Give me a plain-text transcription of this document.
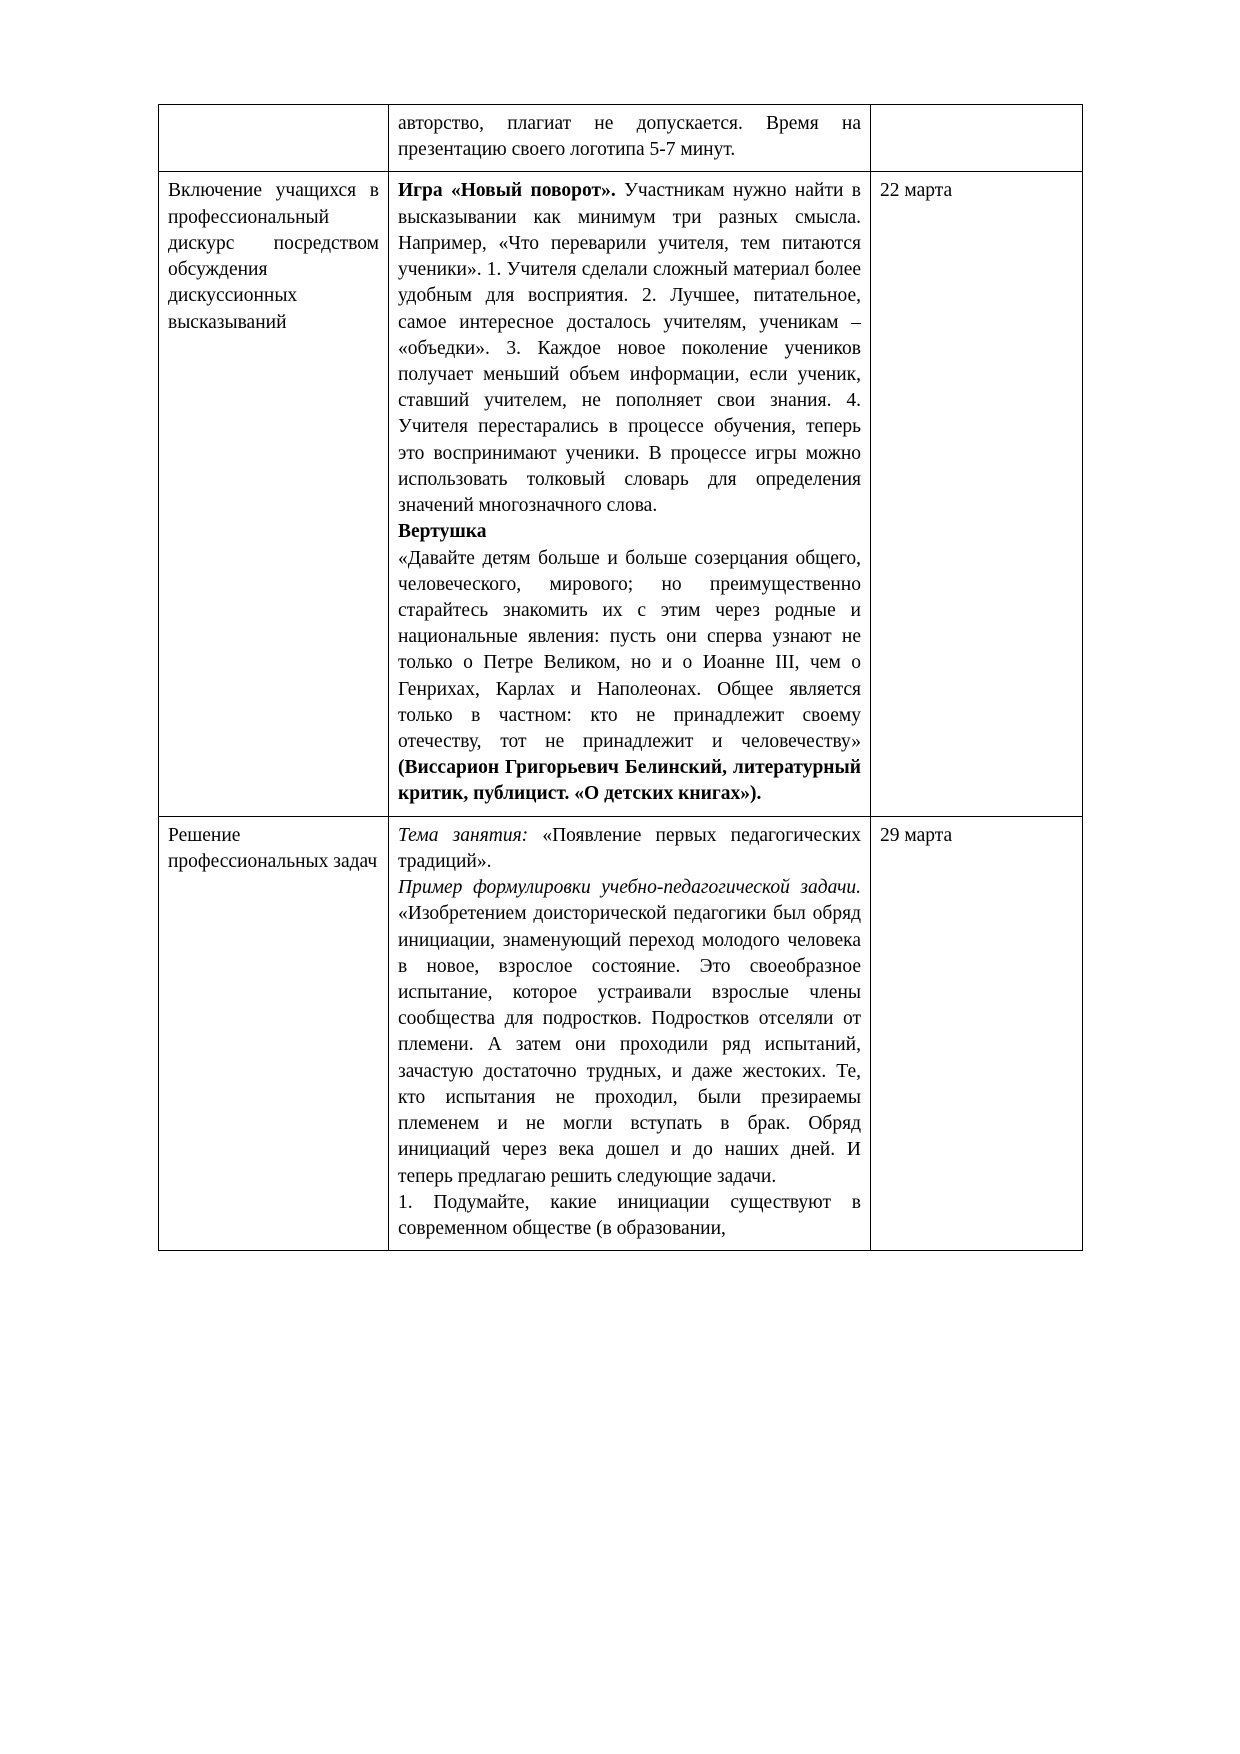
	авторство, плагиат не допускается. Время на презентацию своего логотипа 5-7 минут.	

Включение учащихся в профессиональный дискурс посредством обсуждения дискуссионных высказываний	Игра «Новый поворот». Участникам нужно найти в высказывании как минимум три разных смысла. Например, «Что переварили учителя, тем питаются ученики». 1. Учителя сделали сложный материал более удобным для восприятия. 2. Лучшее, питательное, самое интересное досталось учителям, ученикам – «объедки». 3. Каждое новое поколение учеников получает меньший объем информации, если ученик, ставший учителем, не пополняет свои знания. 4. Учителя перестарались в процессе обучения, теперь это воспринимают ученики. В процессе игры можно использовать толковый словарь для определения значений многозначного слова.

Вертушка

«Давайте детям больше и больше созерцания общего, человеческого, мирового; но преимущественно старайтесь знакомить их с этим через родные и национальные явления: пусть они сперва узнают не только о Петре Великом, но и о Иоанне III, чем о Генрихах, Карлах и Наполеонах. Общее является только в частном: кто не принадлежит своему отечеству, тот не принадлежит и человечеству» (Виссарион Григорьевич Белинский, литературный критик, публицист. «О детских книгах»).	22 марта

Решение профессиональных задач	Тема занятия: «Появление первых педагогических традиций».

Пример формулировки учебно-педагогической задачи. «Изобретением доисторической педагогики был обряд инициации, знаменующий переход молодого человека в новое, взрослое состояние. Это своеобразное испытание, которое устраивали взрослые члены сообщества для подростков. Подростков отселяли от племени. А затем они проходили ряд испытаний, зачастую достаточно трудных, и даже жестоких. Те, кто испытания не проходил, были презираемы племенем и не могли вступать в брак. Обряд инициаций через века дошел и до наших дней. И теперь предлагаю решить следующие задачи.

1. Подумайте, какие инициации существуют в современном обществе (в образовании,	29 марта
